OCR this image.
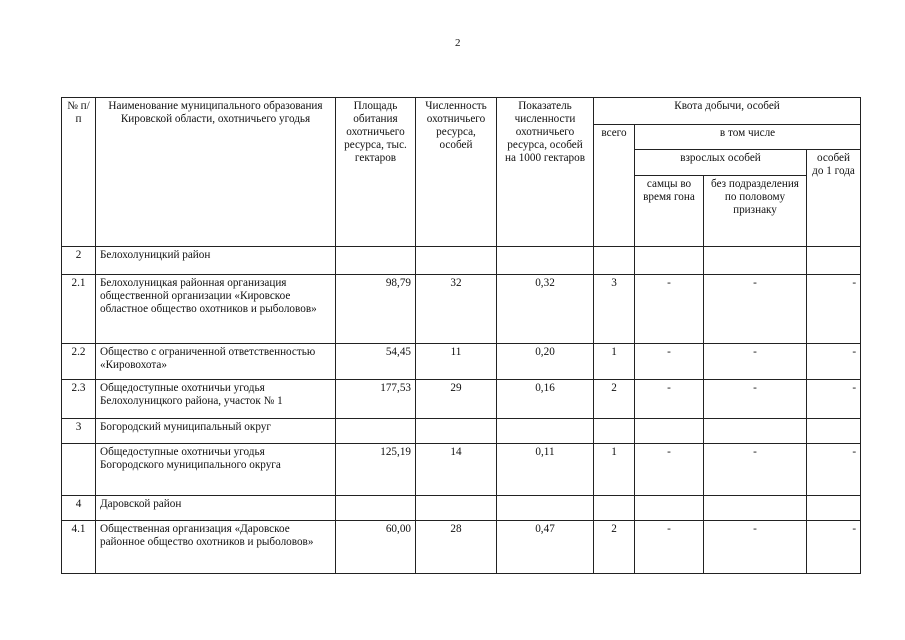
2
№ п/п	Наименование муниципального образования Кировской области, охотничьего угодья	Площадь обитания охотничьего ресурса, тыс. гектаров	Численность охотничьего ресурса, особей	Показатель численности охотничьего ресурса, особей на 1000 гектаров	Квота добычи, особей			
					всего	в том числе		
						взрослых особей		особей до 1 года
						самцы во время гона	без подразделения по половому признаку	
2	Белохолуницкий район							
2.1	Белохолуницкая районная организация общественной организации «Кировское областное общество охотников и рыболовов»	98,79	32	0,32	3	-	-	-
2.2	Общество с ограниченной ответственностью «Кировохота»	54,45	11	0,20	1	-	-	-
2.3	Общедоступные охотничьи угодья Белохолуницкого района, участок № 1	177,53	29	0,16	2	-	-	-
3	Богородский муниципальный округ							
	Общедоступные охотничьи угодья Богородского муниципального округа	125,19	14	0,11	1	-	-	-
4	Даровской район							
4.1	Общественная организация «Даровское районное общество охотников и рыболовов»	60,00	28	0,47	2	-	-	-
